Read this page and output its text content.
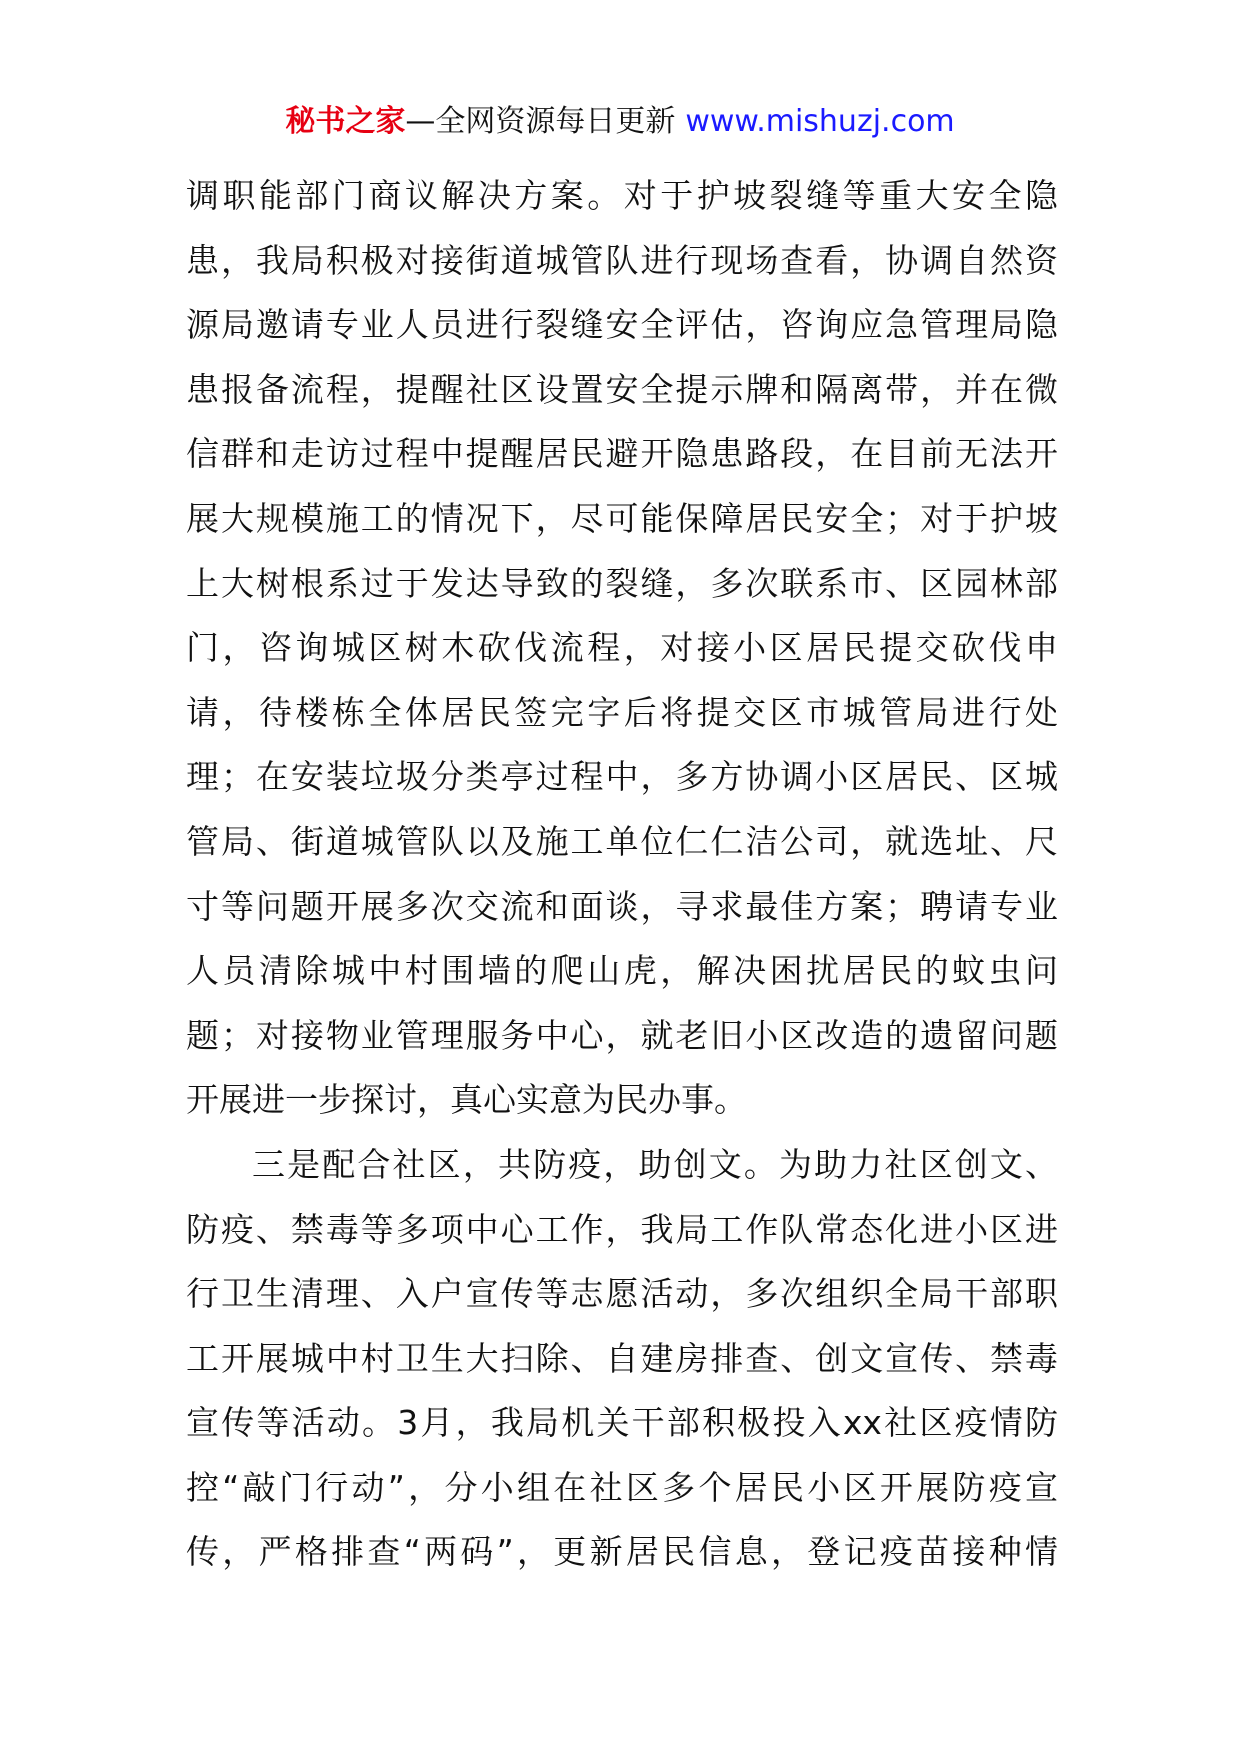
秘书之家—全网资源每日更新 www.mishuzj.com
调职能部门商议解决方案。对于护坡裂缝等重大安全隐
患，我局积极对接街道城管队进行现场查看，协调自然资
源局邀请专业人员进行裂缝安全评估，咨询应急管理局隐
患报备流程，提醒社区设置安全提示牌和隔离带，并在微
信群和走访过程中提醒居民避开隐患路段，在目前无法开
展大规模施工的情况下，尽可能保障居民安全；对于护坡
上大树根系过于发达导致的裂缝，多次联系市、区园林部
门，咨询城区树木砍伐流程，对接小区居民提交砍伐申
请，待楼栋全体居民签完字后将提交区市城管局进行处
理；在安装垃圾分类亭过程中，多方协调小区居民、区城
管局、街道城管队以及施工单位仁仁洁公司，就选址、尺
寸等问题开展多次交流和面谈，寻求最佳方案；聘请专业
人员清除城中村围墙的爬山虎，解决困扰居民的蚊虫问
题；对接物业管理服务中心，就老旧小区改造的遗留问题
开展进一步探讨，真心实意为民办事。
三是配合社区，共防疫，助创文。为助力社区创文、
防疫、禁毒等多项中心工作，我局工作队常态化进小区进
行卫生清理、入户宣传等志愿活动，多次组织全局干部职
工开展城中村卫生大扫除、自建房排查、创文宣传、禁毒
宣传等活动。3月，我局机关干部积极投入xx社区疫情防
控“敲门行动”，分小组在社区多个居民小区开展防疫宣
传，严格排查“两码”，更新居民信息，登记疫苗接种情
